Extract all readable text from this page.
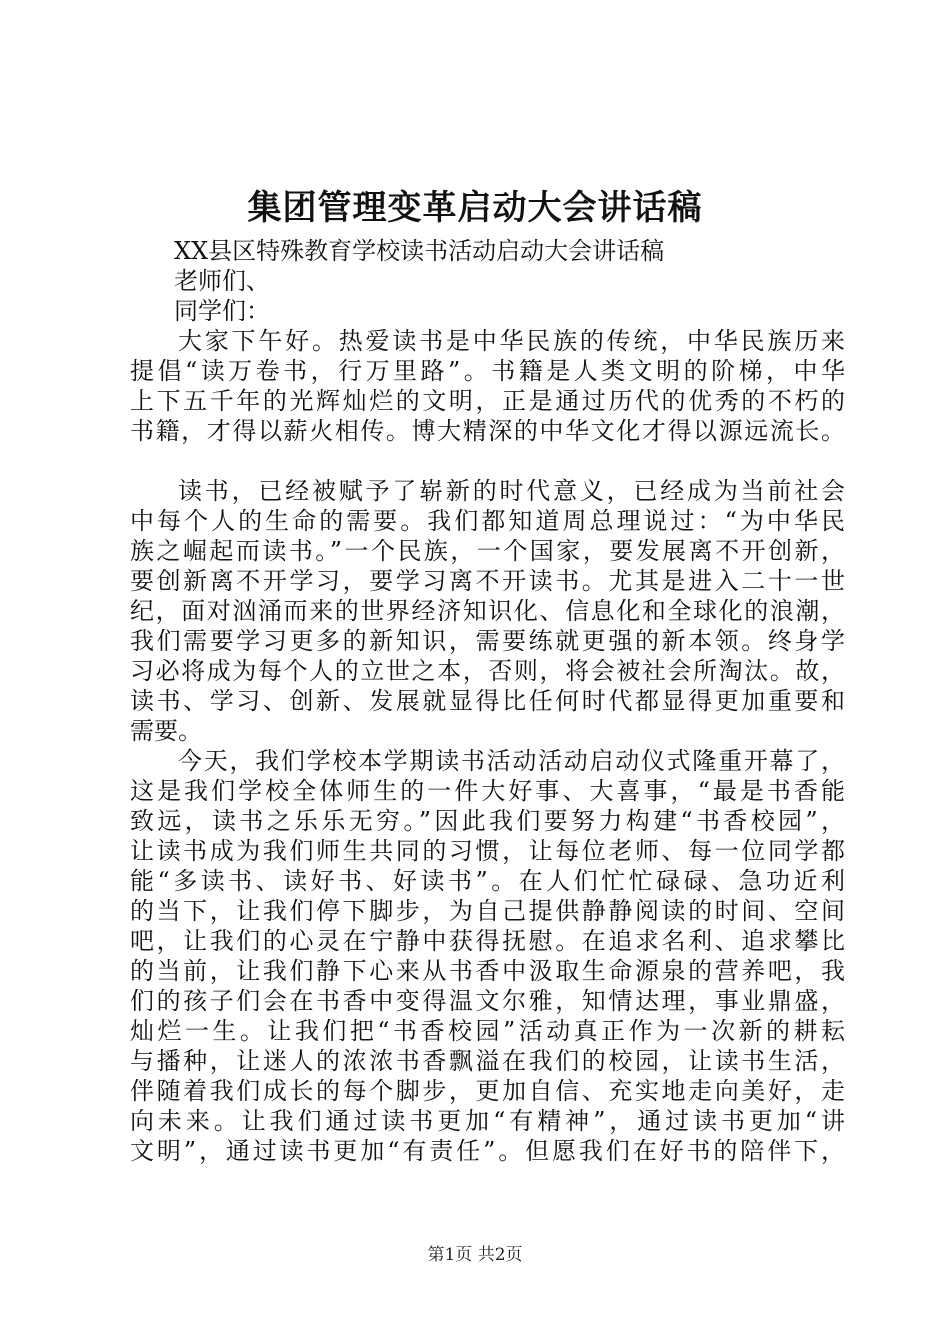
集团管理变革启动大会讲话稿
XX县区特殊教育学校读书活动启动大会讲话稿
老师们、
同学们：
大家下午好。热爱读书是中华民族的传统，中华民族历来
提倡“读万卷书，行万里路”。书籍是人类文明的阶梯，中华
上下五千年的光辉灿烂的文明，正是通过历代的优秀的不朽的
书籍，才得以薪火相传。博大精深的中华文化才得以源远流长。
读书，已经被赋予了崭新的时代意义，已经成为当前社会
中每个人的生命的需要。我们都知道周总理说过：“为中华民
族之崛起而读书。”一个民族，一个国家，要发展离不开创新，
要创新离不开学习，要学习离不开读书。尤其是进入二十一世
纪，面对汹涌而来的世界经济知识化、信息化和全球化的浪潮，
我们需要学习更多的新知识，需要练就更强的新本领。终身学
习必将成为每个人的立世之本，否则，将会被社会所淘汰。故，
读书、学习、创新、发展就显得比任何时代都显得更加重要和
需要。
今天，我们学校本学期读书活动活动启动仪式隆重开幕了，
这是我们学校全体师生的一件大好事、大喜事，“最是书香能
致远，读书之乐乐无穷。”因此我们要努力构建“书香校园”，
让读书成为我们师生共同的习惯，让每位老师、每一位同学都
能“多读书、读好书、好读书”。在人们忙忙碌碌、急功近利
的当下，让我们停下脚步，为自己提供静静阅读的时间、空间
吧，让我们的心灵在宁静中获得抚慰。在追求名利、追求攀比
的当前，让我们静下心来从书香中汲取生命源泉的营养吧，我
们的孩子们会在书香中变得温文尔雅，知情达理，事业鼎盛，
灿烂一生。让我们把“书香校园”活动真正作为一次新的耕耘
与播种，让迷人的浓浓书香飘溢在我们的校园，让读书生活，
伴随着我们成长的每个脚步，更加自信、充实地走向美好，走
向未来。让我们通过读书更加“有精神”，通过读书更加“讲
文明”，通过读书更加“有责任”。但愿我们在好书的陪伴下，
第1页 共2页
